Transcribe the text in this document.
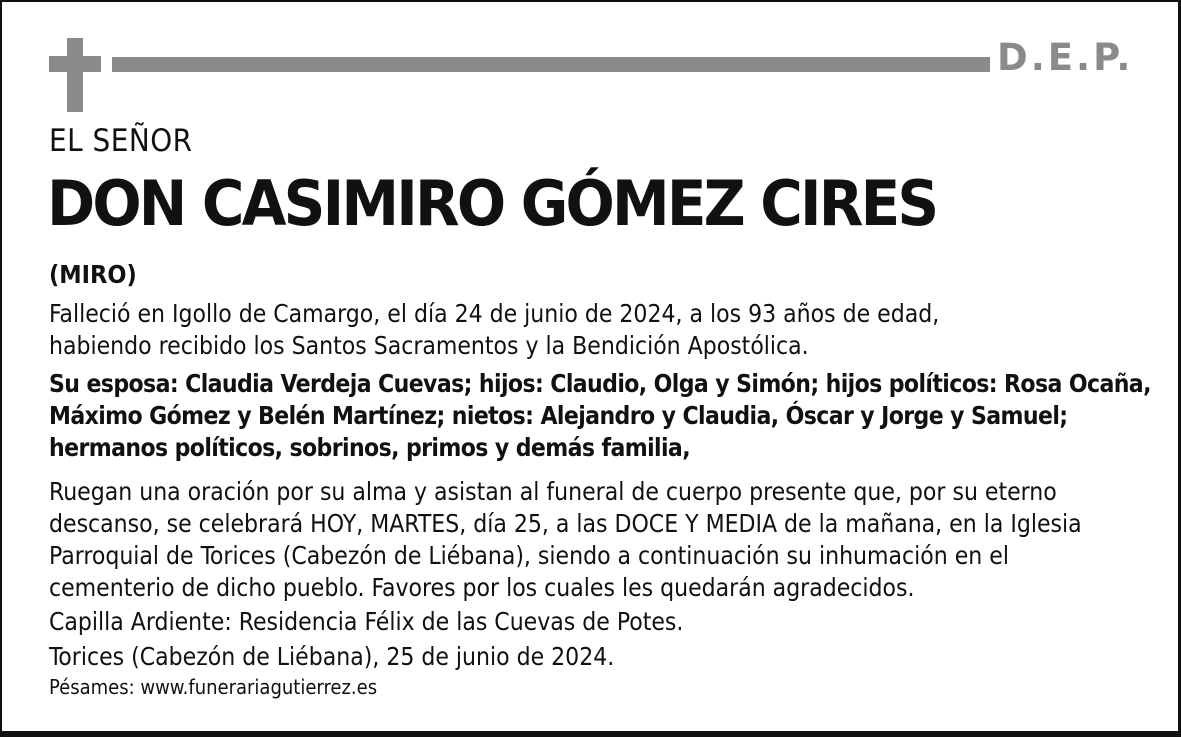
D.E.P.
EL SEÑOR
DON CASIMIRO GÓMEZ CIRES
(MIRO)

Falleció en Igollo de Camargo, el día 24 de junio de 2024, a los 93 años de edad,
habiendo recibido los Santos Sacramentos y la Bendición Apostólica.

Su esposa: Claudia Verdeja Cuevas; hijos: Claudio, Olga y Simón; hijos políticos: Rosa Ocaña,
Máximo Gómez y Belén Martínez; nietos: Alejandro y Claudia, Óscar y Jorge y Samuel;
hermanos políticos, sobrinos, primos y demás familia,

Ruegan una oración por su alma y asistan al funeral de cuerpo presente que, por su eterno
descanso, se celebrará HOY, MARTES, día 25, a las DOCE Y MEDIA de la mañana, en la Iglesia
Parroquial de Torices (Cabezón de Liébana), siendo a continuación su inhumación en el
cementerio de dicho pueblo. Favores por los cuales les quedarán agradecidos.

Capilla Ardiente: Residencia Félix de las Cuevas de Potes.

Torices (Cabezón de Liébana), 25 de junio de 2024.

Pésames: www.funerariagutierrez.es
